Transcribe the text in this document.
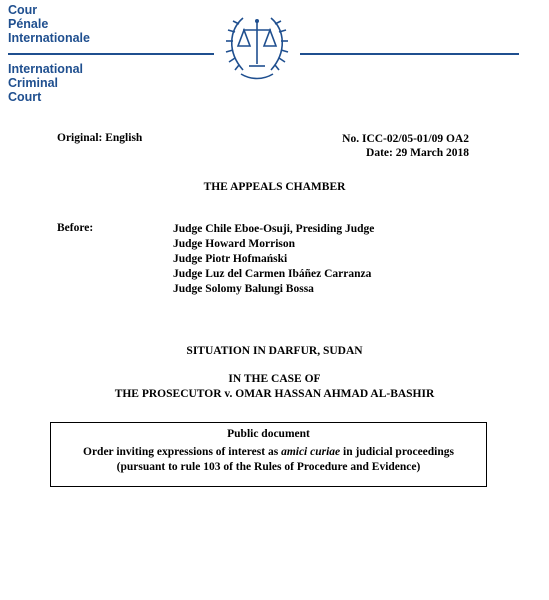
Cour
Pénale
Internationale
International
Criminal
Court
Original: English	No. ICC-02/05-01/09 OA2
Date: 29 March 2018
THE APPEALS CHAMBER
Before:	Judge Chile Eboe-Osuji, Presiding Judge
Judge Howard Morrison
Judge Piotr Hofmański
Judge Luz del Carmen Ibáñez Carranza
Judge Solomy Balungi Bossa
SITUATION IN DARFUR, SUDAN
IN THE CASE OF
THE PROSECUTOR v. OMAR HASSAN AHMAD AL-BASHIR
Public document
Order inviting expressions of interest as amici curiae in judicial proceedings
(pursuant to rule 103 of the Rules of Procedure and Evidence)
